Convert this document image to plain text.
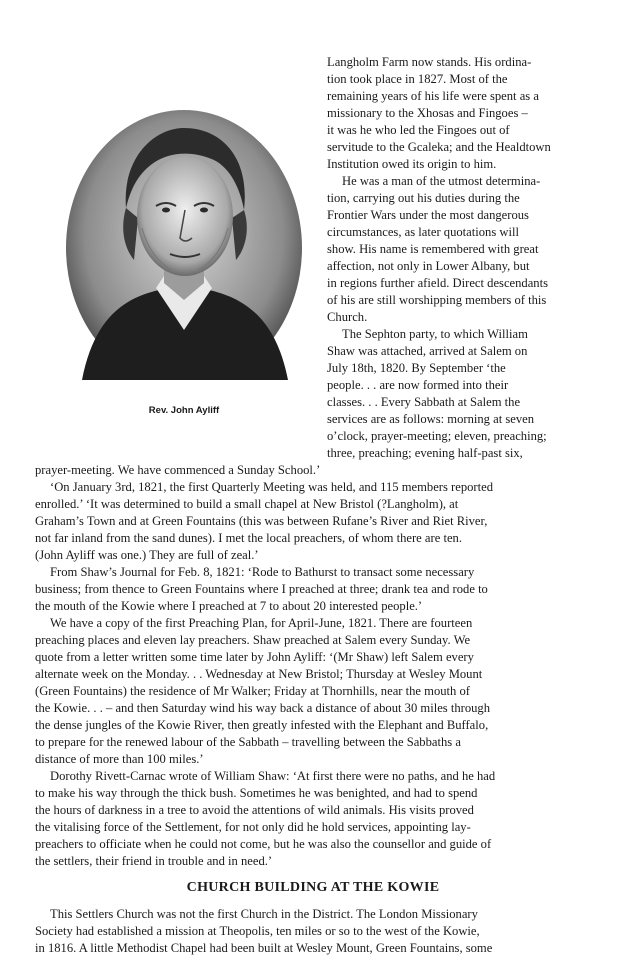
Rev. John Ayliff
Langholm Farm now stands. His ordina-
tion took place in 1827. Most of the
remaining years of his life were spent as a
missionary to the Xhosas and Fingoes –
it was he who led the Fingoes out of
servitude to the Gcaleka; and the Healdtown
Institution owed its origin to him.
He was a man of the utmost determina-
tion, carrying out his duties during the
Frontier Wars under the most dangerous
circumstances, as later quotations will
show. His name is remembered with great
affection, not only in Lower Albany, but
in regions further afield. Direct descendants
of his are still worshipping members of this
Church.
The Sephton party, to which William
Shaw was attached, arrived at Salem on
July 18th, 1820. By September ‘the
people. . . are now formed into their
classes. . . Every Sabbath at Salem the
services are as follows: morning at seven
o’clock, prayer-meeting; eleven, preaching;
three, preaching; evening half-past six,
prayer-meeting. We have commenced a Sunday School.’
‘On January 3rd, 1821, the first Quarterly Meeting was held, and 115 members reported
enrolled.’ ‘It was determined to build a small chapel at New Bristol (?Langholm), at
Graham’s Town and at Green Fountains (this was between Rufane’s River and Riet River,
not far inland from the sand dunes). I met the local preachers, of whom there are ten.
(John Ayliff was one.) They are full of zeal.’
From Shaw’s Journal for Feb. 8, 1821: ‘Rode to Bathurst to transact some necessary
business; from thence to Green Fountains where I preached at three; drank tea and rode to
the mouth of the Kowie where I preached at 7 to about 20 interested people.’
We have a copy of the first Preaching Plan, for April-June, 1821. There are fourteen
preaching places and eleven lay preachers. Shaw preached at Salem every Sunday. We
quote from a letter written some time later by John Ayliff: ‘(Mr Shaw) left Salem every
alternate week on the Monday. . . Wednesday at New Bristol; Thursday at Wesley Mount
(Green Fountains) the residence of Mr Walker; Friday at Thornhills, near the mouth of
the Kowie. . . – and then Saturday wind his way back a distance of about 30 miles through
the dense jungles of the Kowie River, then greatly infested with the Elephant and Buffalo,
to prepare for the renewed labour of the Sabbath – travelling between the Sabbaths a
distance of more than 100 miles.’
Dorothy Rivett-Carnac wrote of William Shaw: ‘At first there were no paths, and he had
to make his way through the thick bush. Sometimes he was benighted, and had to spend
the hours of darkness in a tree to avoid the attentions of wild animals. His visits proved
the vitalising force of the Settlement, for not only did he hold services, appointing lay-
preachers to officiate when he could not come, but he was also the counsellor and guide of
the settlers, their friend in trouble and in need.’
CHURCH BUILDING AT THE KOWIE
This Settlers Church was not the first Church in the District. The London Missionary
Society had established a mission at Theopolis, ten miles or so to the west of the Kowie,
in 1816. A little Methodist Chapel had been built at Wesley Mount, Green Fountains, some
